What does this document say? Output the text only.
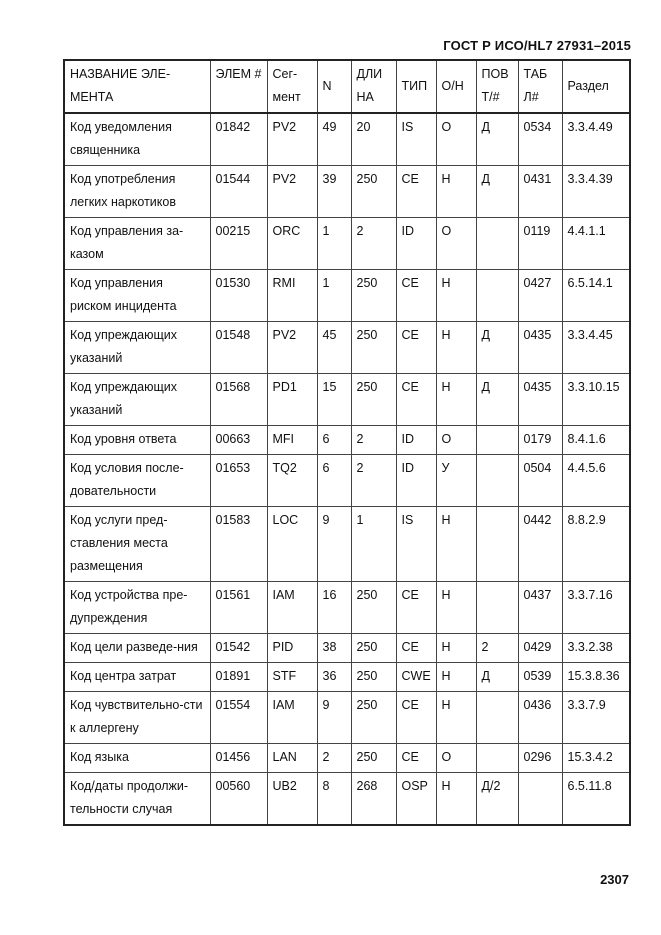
ГОСТ Р ИСО/HL7 27931–2015
НАЗВАНИЕ ЭЛЕ-МЕНТА	ЭЛЕМ #	Сег-мент	N	ДЛИ НА	ТИП	О/Н	ПОВ Т/#	ТАБ Л#	Раздел
Код уведомления священника	01842	PV2	49	20	IS	О	Д	0534	3.3.4.49
Код употребления легких наркотиков	01544	PV2	39	250	CE	Н	Д	0431	3.3.4.39
Код управления за-казом	00215	ORC	1	2	ID	О		0119	4.4.1.1
Код управления риском инцидента	01530	RMI	1	250	CE	Н		0427	6.5.14.1
Код упреждающих указаний	01548	PV2	45	250	CE	Н	Д	0435	3.3.4.45
Код упреждающих указаний	01568	PD1	15	250	CE	Н	Д	0435	3.3.10.15
Код уровня ответа	00663	MFI	6	2	ID	О		0179	8.4.1.6
Код условия после-довательности	01653	TQ2	6	2	ID	У		0504	4.4.5.6
Код услуги пред-ставления места размещения	01583	LOC	9	1	IS	Н		0442	8.8.2.9
Код устройства пре-дупреждения	01561	IAM	16	250	CE	Н		0437	3.3.7.16
Код цели разведе-ния	01542	PID	38	250	CE	Н	2	0429	3.3.2.38
Код центра затрат	01891	STF	36	250	CWE	Н	Д	0539	15.3.8.36
Код чувствительно-сти к аллергену	01554	IAM	9	250	CE	Н		0436	3.3.7.9
Код языка	01456	LAN	2	250	CE	О		0296	15.3.4.2
Код/даты продолжи-тельности случая	00560	UB2	8	268	OSP	Н	Д/2		6.5.11.8
2307
